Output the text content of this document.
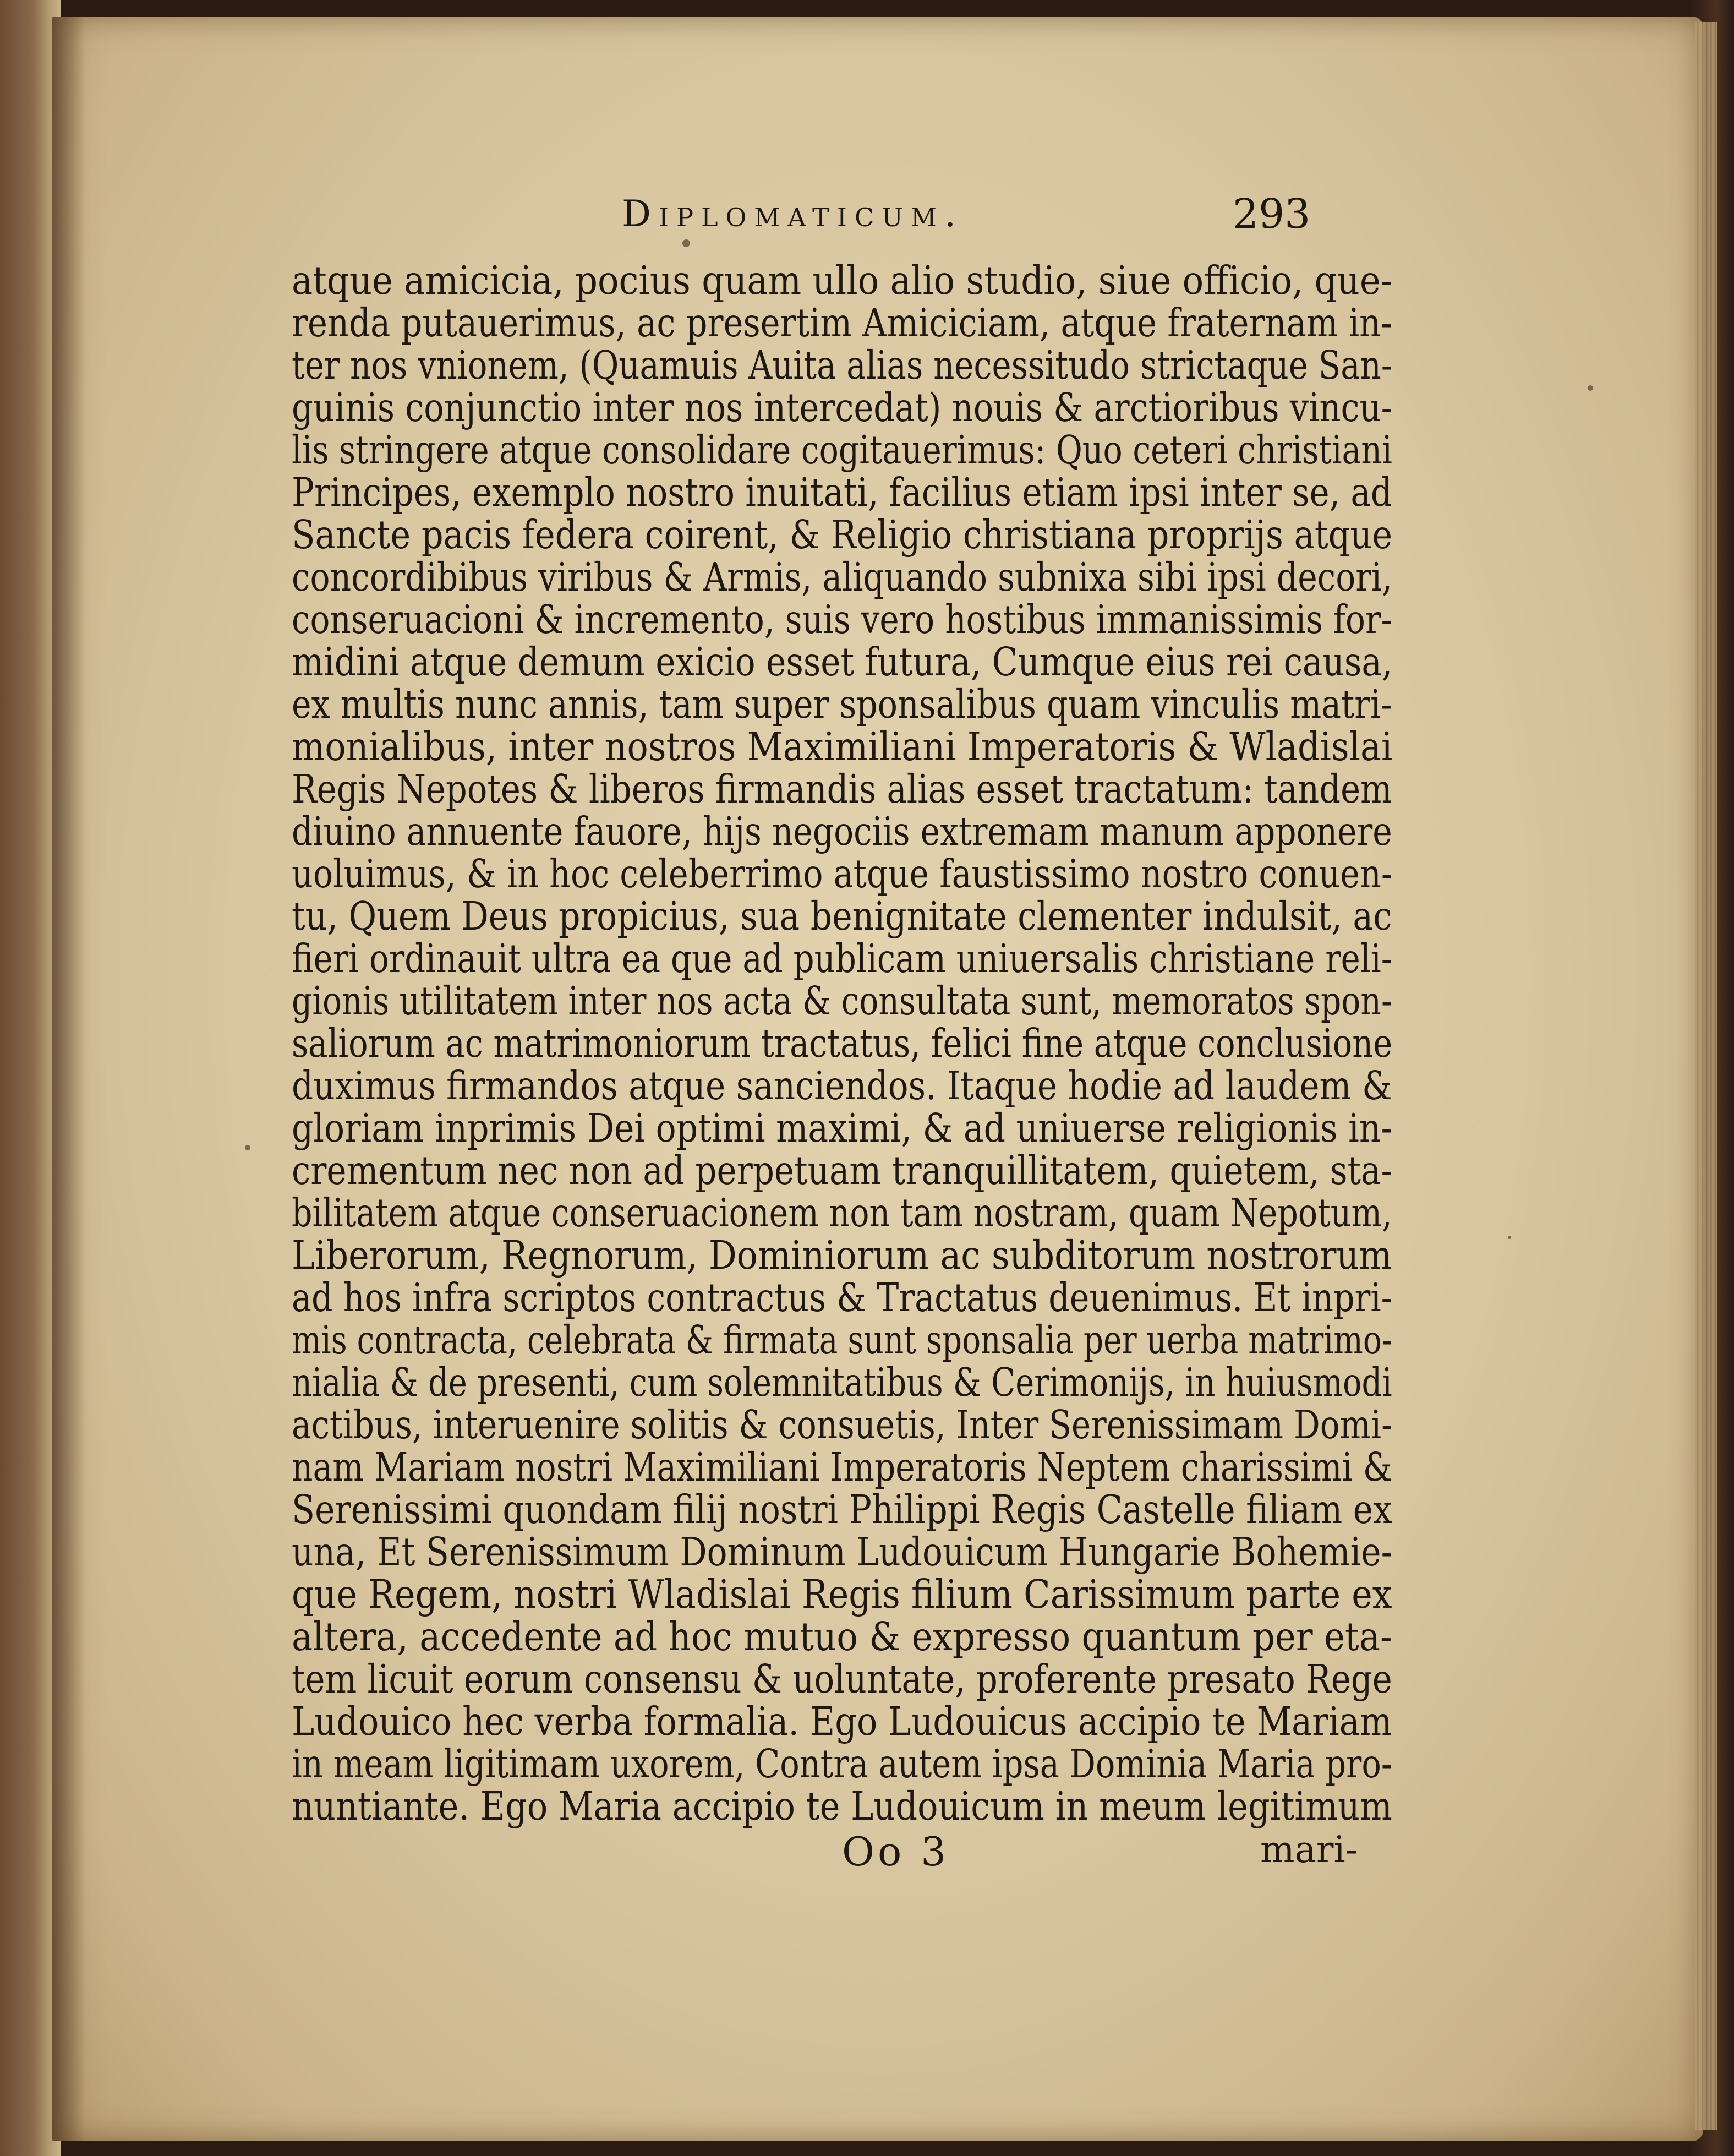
Diplomaticum.	293
atque amicicia, pocius quam ullo alio studio, siue officio, que-
renda putauerimus, ac presertim Amiciciam, atque fraternam in-
ter nos vnionem, (Quamuis Auita alias necessitudo strictaque San-
guinis conjunctio inter nos intercedat) nouis & arctioribus vincu-
lis stringere atque consolidare cogitauerimus: Quo ceteri christiani
Principes, exemplo nostro inuitati, facilius etiam ipsi inter se, ad
Sancte pacis federa coirent, & Religio christiana proprijs atque
concordibibus viribus & Armis, aliquando subnixa sibi ipsi decori,
conseruacioni & incremento, suis vero hostibus immanissimis for-
midini atque demum exicio esset futura, Cumque eius rei causa,
ex multis nunc annis, tam super sponsalibus quam vinculis matri-
monialibus, inter nostros Maximiliani Imperatoris & Wladislai
Regis Nepotes & liberos firmandis alias esset tractatum: tandem
diuino annuente fauore, hijs negociis extremam manum apponere
uoluimus, & in hoc celeberrimo atque faustissimo nostro conuen-
tu, Quem Deus propicius, sua benignitate clementer indulsit, ac
fieri ordinauit ultra ea que ad publicam uniuersalis christiane reli-
gionis utilitatem inter nos acta & consultata sunt, memoratos spon-
saliorum ac matrimoniorum tractatus, felici fine atque conclusione
duximus firmandos atque sanciendos. Itaque hodie ad laudem &
gloriam inprimis Dei optimi maximi, & ad uniuerse religionis in-
crementum nec non ad perpetuam tranquillitatem, quietem, sta-
bilitatem atque conseruacionem non tam nostram, quam Nepotum,
Liberorum, Regnorum, Dominiorum ac subditorum nostrorum
ad hos infra scriptos contractus & Tractatus deuenimus. Et inpri-
mis contracta, celebrata & firmata sunt sponsalia per uerba matrimo-
nialia & de presenti, cum solemnitatibus & Cerimonijs, in huiusmodi
actibus, interuenire solitis & consuetis, Inter Serenissimam Domi-
nam Mariam nostri Maximiliani Imperatoris Neptem charissimi &
Serenissimi quondam filij nostri Philippi Regis Castelle filiam ex
una, Et Serenissimum Dominum Ludouicum Hungarie Bohemie-
que Regem, nostri Wladislai Regis filium Carissimum parte ex
altera, accedente ad hoc mutuo & expresso quantum per eta-
tem licuit eorum consensu & uoluntate, proferente presato Rege
Ludouico hec verba formalia. Ego Ludouicus accipio te Mariam
in meam ligitimam uxorem, Contra autem ipsa Dominia Maria pro-
nuntiante. Ego Maria accipio te Ludouicum in meum legitimum
Oo 3	mari-
